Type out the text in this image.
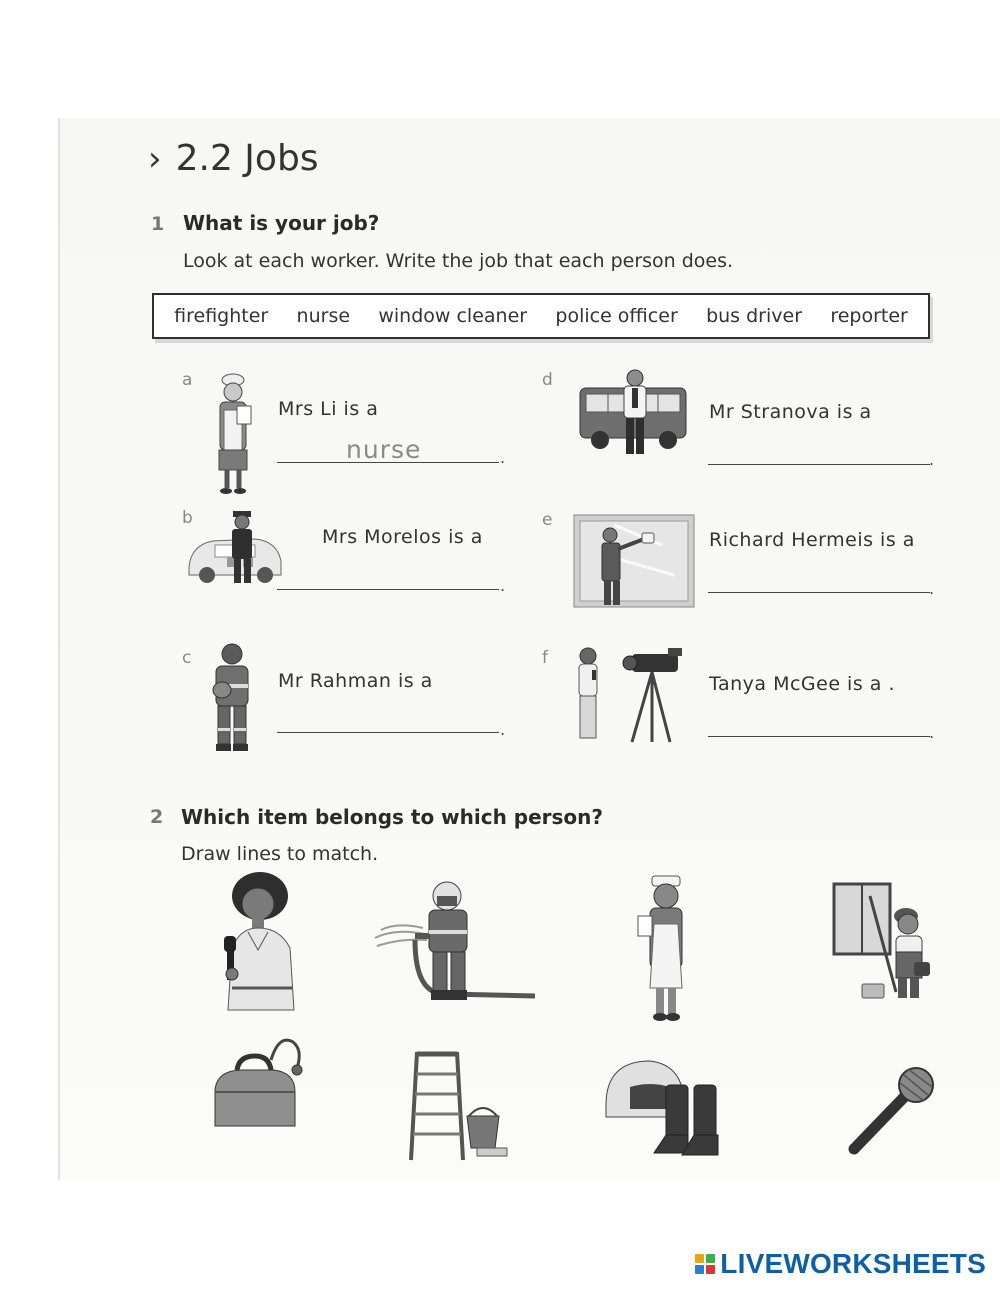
› 2.2 Jobs
1 What is your job?
Look at each worker. Write the job that each person does.
firefighter nurse window cleaner police officer bus driver reporter
a
Mrs Li is a
nurse	.
b
Mrs Morelos is a
.
c
Mr Rahman is a
.
d
Mr Stranova is a
.
e
Richard Hermeis is a
.
f
Tanya McGee is a .
.
2 Which item belongs to which person?
Draw lines to match.
LIVEWORKSHEETS
